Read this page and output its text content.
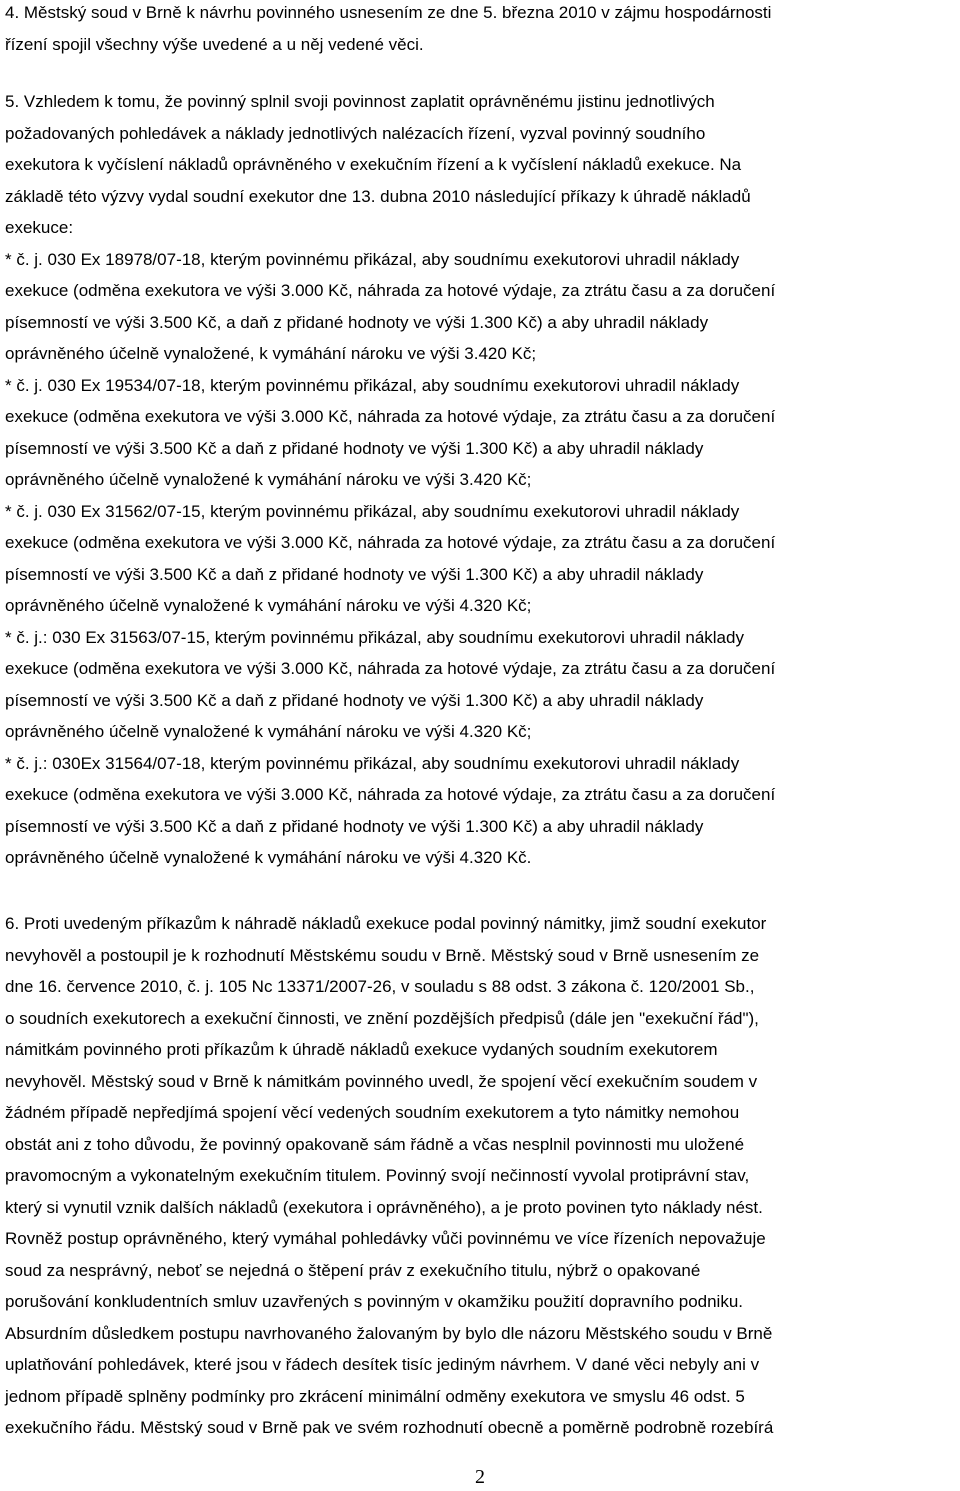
4. Městský soud v Brně k návrhu povinného usnesením ze dne 5. března 2010 v zájmu hospodárnosti
řízení spojil všechny výše uvedené a u něj vedené věci.
5. Vzhledem k tomu, že povinný splnil svoji povinnost zaplatit oprávněnému jistinu jednotlivých
požadovaných pohledávek a náklady jednotlivých nalézacích řízení, vyzval povinný soudního
exekutora k vyčíslení nákladů oprávněného v exekučním řízení a k vyčíslení nákladů exekuce. Na
základě této výzvy vydal soudní exekutor dne 13. dubna 2010 následující příkazy k úhradě nákladů
exekuce:
* č. j. 030 Ex 18978/07-18, kterým povinnému přikázal, aby soudnímu exekutorovi uhradil náklady
exekuce (odměna exekutora ve výši 3.000 Kč, náhrada za hotové výdaje, za ztrátu času a za doručení
písemností ve výši 3.500 Kč, a daň z přidané hodnoty ve výši 1.300 Kč) a aby uhradil náklady
oprávněného účelně vynaložené, k vymáhání nároku ve výši 3.420 Kč;
* č. j. 030 Ex 19534/07-18, kterým povinnému přikázal, aby soudnímu exekutorovi uhradil náklady
exekuce (odměna exekutora ve výši 3.000 Kč, náhrada za hotové výdaje, za ztrátu času a za doručení
písemností ve výši 3.500 Kč a daň z přidané hodnoty ve výši 1.300 Kč) a aby uhradil náklady
oprávněného účelně vynaložené k vymáhání nároku ve výši 3.420 Kč;
* č. j. 030 Ex 31562/07-15, kterým povinnému přikázal, aby soudnímu exekutorovi uhradil náklady
exekuce (odměna exekutora ve výši 3.000 Kč, náhrada za hotové výdaje, za ztrátu času a za doručení
písemností ve výši 3.500 Kč a daň z přidané hodnoty ve výši 1.300 Kč) a aby uhradil náklady
oprávněného účelně vynaložené k vymáhání nároku ve výši 4.320 Kč;
* č. j.: 030 Ex 31563/07-15, kterým povinnému přikázal, aby soudnímu exekutorovi uhradil náklady
exekuce (odměna exekutora ve výši 3.000 Kč, náhrada za hotové výdaje, za ztrátu času a za doručení
písemností ve výši 3.500 Kč a daň z přidané hodnoty ve výši 1.300 Kč) a aby uhradil náklady
oprávněného účelně vynaložené k vymáhání nároku ve výši 4.320 Kč;
* č. j.: 030Ex 31564/07-18, kterým povinnému přikázal, aby soudnímu exekutorovi uhradil náklady
exekuce (odměna exekutora ve výši 3.000 Kč, náhrada za hotové výdaje, za ztrátu času a za doručení
písemností ve výši 3.500 Kč a daň z přidané hodnoty ve výši 1.300 Kč) a aby uhradil náklady
oprávněného účelně vynaložené k vymáhání nároku ve výši 4.320 Kč.
6. Proti uvedeným příkazům k náhradě nákladů exekuce podal povinný námitky, jimž soudní exekutor
nevyhověl a postoupil je k rozhodnutí Městskému soudu v Brně. Městský soud v Brně usnesením ze
dne 16. července 2010, č. j. 105 Nc 13371/2007-26, v souladu s 88 odst. 3 zákona č. 120/2001 Sb.,
o soudních exekutorech a exekuční činnosti, ve znění pozdějších předpisů (dále jen "exekuční řád"),
námitkám povinného proti příkazům k úhradě nákladů exekuce vydaných soudním exekutorem
nevyhověl. Městský soud v Brně k námitkám povinného uvedl, že spojení věcí exekučním soudem v
žádném případě nepředjímá spojení věcí vedených soudním exekutorem a tyto námitky nemohou
obstát ani z toho důvodu, že povinný opakovaně sám řádně a včas nesplnil povinnosti mu uložené
pravomocným a vykonatelným exekučním titulem. Povinný svojí nečinností vyvolal protiprávní stav,
který si vynutil vznik dalších nákladů (exekutora i oprávněného), a je proto povinen tyto náklady nést.
Rovněž postup oprávněného, který vymáhal pohledávky vůči povinnému ve více řízeních nepovažuje
soud za nesprávný, neboť se nejedná o štěpení práv z exekučního titulu, nýbrž o opakované
porušování konkludentních smluv uzavřených s povinným v okamžiku použití dopravního podniku.
Absurdním důsledkem postupu navrhovaného žalovaným by bylo dle názoru Městského soudu v Brně
uplatňování pohledávek, které jsou v řádech desítek tisíc jediným návrhem. V dané věci nebyly ani v
jednom případě splněny podmínky pro zkrácení minimální odměny exekutora ve smyslu 46 odst. 5
exekučního řádu. Městský soud v Brně pak ve svém rozhodnutí obecně a poměrně podrobně rozebírá
2
